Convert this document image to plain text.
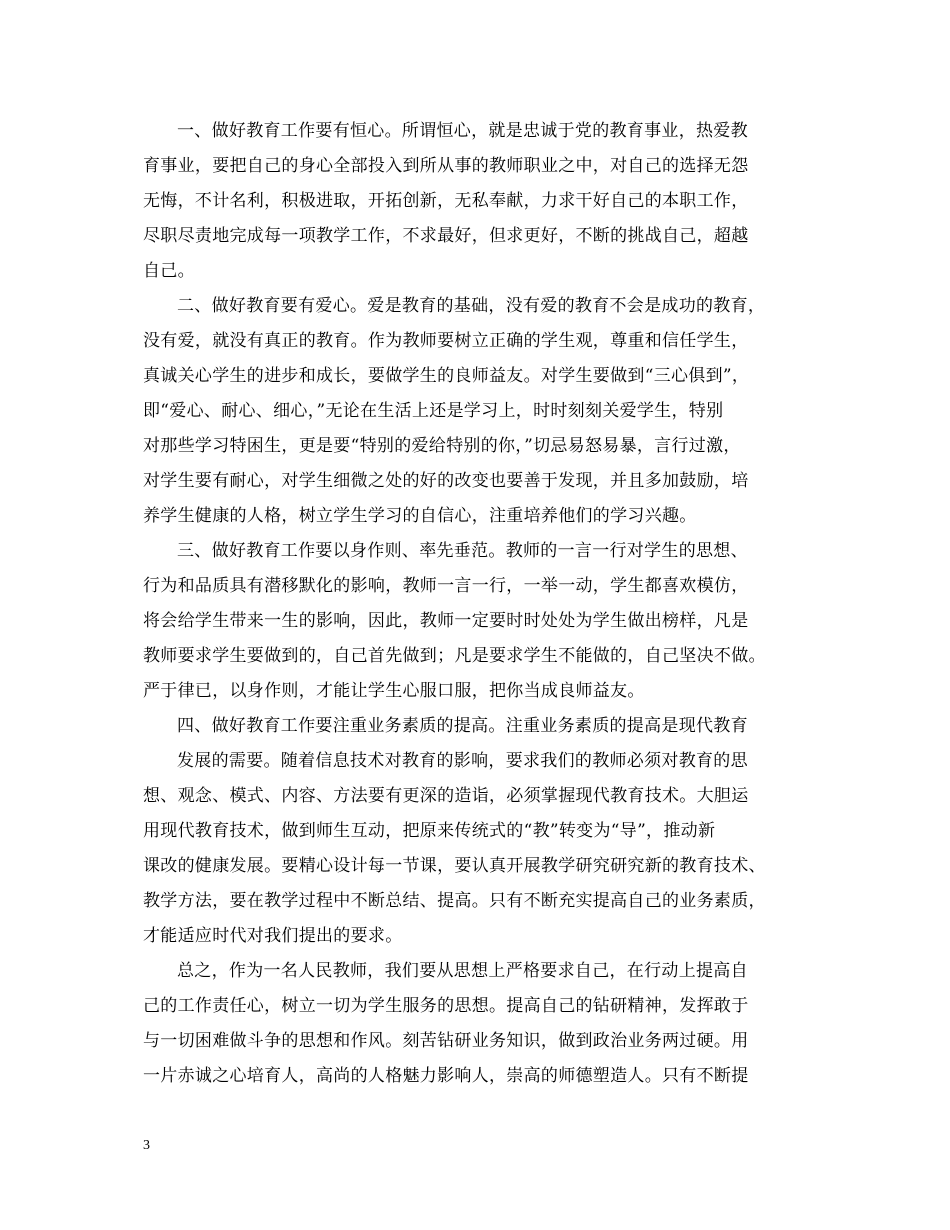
一、做好教育工作要有恒心。所谓恒心，就是忠诚于党的教育事业，热爱教
育事业，要把自己的身心全部投入到所从事的教师职业之中，对自己的选择无怨
无悔，不计名利，积极进取，开拓创新，无私奉献，力求干好自己的本职工作，
尽职尽责地完成每一项教学工作，不求最好，但求更好，不断的挑战自己，超越
自己。
二、做好教育要有爱心。爱是教育的基础，没有爱的教育不会是成功的教育，
没有爱，就没有真正的教育。作为教师要树立正确的学生观，尊重和信任学生，
真诚关心学生的进步和成长，要做学生的良师益友。对学生要做到“三心俱到”，
即“爱心、耐心、细心，”无论在生活上还是学习上，时时刻刻关爱学生，特别
对那些学习特困生，更是要“特别的爱给特别的你，”切忌易怒易暴，言行过激，
对学生要有耐心，对学生细微之处的好的改变也要善于发现，并且多加鼓励，培
养学生健康的人格，树立学生学习的自信心，注重培养他们的学习兴趣。
三、做好教育工作要以身作则、率先垂范。教师的一言一行对学生的思想、
行为和品质具有潜移默化的影响，教师一言一行，一举一动，学生都喜欢模仿，
将会给学生带来一生的影响，因此，教师一定要时时处处为学生做出榜样，凡是
教师要求学生要做到的，自己首先做到；凡是要求学生不能做的，自己坚决不做。
严于律已，以身作则，才能让学生心服口服，把你当成良师益友。
四、做好教育工作要注重业务素质的提高。注重业务素质的提高是现代教育
发展的需要。随着信息技术对教育的影响，要求我们的教师必须对教育的思
想、观念、模式、内容、方法要有更深的造诣，必须掌握现代教育技术。大胆运
用现代教育技术，做到师生互动，把原来传统式的“教”转变为“导”，推动新
课改的健康发展。要精心设计每一节课，要认真开展教学研究研究新的教育技术、
教学方法，要在教学过程中不断总结、提高。只有不断充实提高自己的业务素质，
才能适应时代对我们提出的要求。
总之，作为一名人民教师，我们要从思想上严格要求自己，在行动上提高自
己的工作责任心，树立一切为学生服务的思想。提高自己的钻研精神，发挥敢于
与一切困难做斗争的思想和作风。刻苦钻研业务知识，做到政治业务两过硬。用
一片赤诚之心培育人，高尚的人格魅力影响人，崇高的师德塑造人。只有不断提
3
